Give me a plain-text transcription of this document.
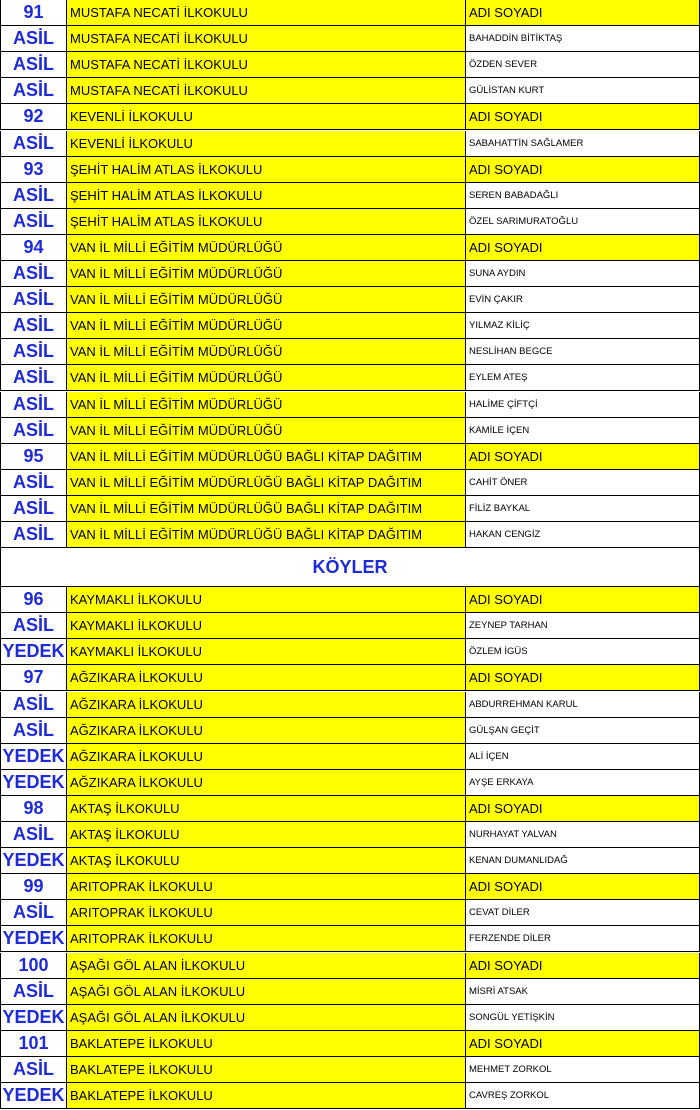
91	MUSTAFA NECATİ İLKOKULU	ADI SOYADI
ASİL	MUSTAFA NECATİ İLKOKULU	BAHADDİN BİTİKTAŞ
ASİL	MUSTAFA NECATİ İLKOKULU	ÖZDEN SEVER
ASİL	MUSTAFA NECATİ İLKOKULU	GÜLİSTAN KURT
92	KEVENLİ İLKOKULU	ADI SOYADI
ASİL	KEVENLİ İLKOKULU	SABAHATTİN SAĞLAMER
93	ŞEHİT HALİM ATLAS İLKOKULU	ADI SOYADI
ASİL	ŞEHİT HALİM ATLAS İLKOKULU	SEREN BABADAĞLI
ASİL	ŞEHİT HALİM ATLAS İLKOKULU	ÖZEL SARIMURATOĞLU
94	VAN İL MİLLİ EĞİTİM MÜDÜRLÜĞÜ	ADI SOYADI
ASİL	VAN İL MİLLİ EĞİTİM MÜDÜRLÜĞÜ	SUNA AYDIN
ASİL	VAN İL MİLLİ EĞİTİM MÜDÜRLÜĞÜ	EVİN ÇAKIR
ASİL	VAN İL MİLLİ EĞİTİM MÜDÜRLÜĞÜ	YILMAZ KİLİÇ
ASİL	VAN İL MİLLİ EĞİTİM MÜDÜRLÜĞÜ	NESLİHAN BEGCE
ASİL	VAN İL MİLLİ EĞİTİM MÜDÜRLÜĞÜ	EYLEM ATEŞ
ASİL	VAN İL MİLLİ EĞİTİM MÜDÜRLÜĞÜ	HALİME ÇİFTÇİ
ASİL	VAN İL MİLLİ EĞİTİM MÜDÜRLÜĞÜ	KAMİLE İÇEN
95	VAN İL MİLLİ EĞİTİM MÜDÜRLÜĞÜ BAĞLI KİTAP DAĞITIM	ADI SOYADI
ASİL	VAN İL MİLLİ EĞİTİM MÜDÜRLÜĞÜ BAĞLI KİTAP DAĞITIM	CAHİT ÖNER
ASİL	VAN İL MİLLİ EĞİTİM MÜDÜRLÜĞÜ BAĞLI KİTAP DAĞITIM	FİLİZ BAYKAL
ASİL	VAN İL MİLLİ EĞİTİM MÜDÜRLÜĞÜ BAĞLI KİTAP DAĞITIM	HAKAN CENGİZ
KÖYLER
96	KAYMAKLI İLKOKULU	ADI SOYADI
ASİL	KAYMAKLI İLKOKULU	ZEYNEP TARHAN
YEDEK KAYMAKLI İLKOKULU	ÖZLEM İGÜS
97	AĞZIKARA İLKOKULU	ADI SOYADI
ASİL	AĞZIKARA İLKOKULU	ABDURREHMAN KARUL
ASİL	AĞZIKARA İLKOKULU	GÜLŞAN GEÇİT
YEDEK AĞZIKARA İLKOKULU	ALİ İÇEN
YEDEK AĞZIKARA İLKOKULU	AYŞE ERKAYA
98	AKTAŞ İLKOKULU	ADI SOYADI
ASİL	AKTAŞ İLKOKULU	NURHAYAT YALVAN
YEDEK AKTAŞ İLKOKULU	KENAN DUMANLIDAĞ
99	ARITOPRAK İLKOKULU	ADI SOYADI
ASİL	ARITOPRAK İLKOKULU	CEVAT DİLER
YEDEK ARITOPRAK İLKOKULU	FERZENDE DİLER
100	AŞAĞI GÖL ALAN İLKOKULU	ADI SOYADI
ASİL	AŞAĞI GÖL ALAN İLKOKULU	MİSRİ ATSAK
YEDEK AŞAĞI GÖL ALAN İLKOKULU	SONGÜL YETİŞKİN
101	BAKLATEPE İLKOKULU	ADI SOYADI
ASİL	BAKLATEPE İLKOKULU	MEHMET ZORKOL
YEDEK BAKLATEPE İLKOKULU	CAVREŞ ZORKOL
